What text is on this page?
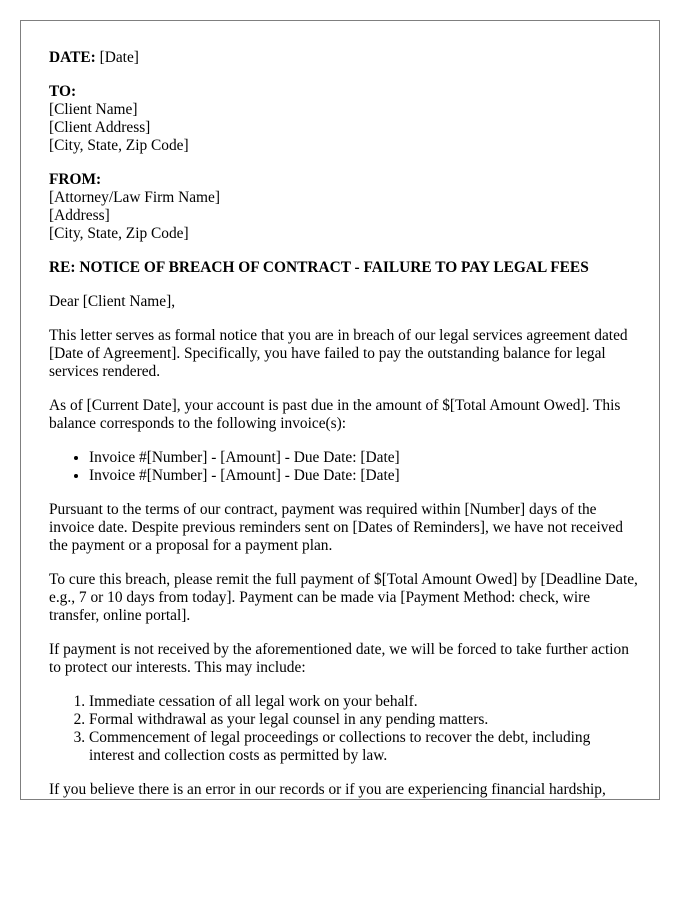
DATE: [Date]

TO:

[Client Name]

[Client Address]

[City, State, Zip Code]

FROM:

[Attorney/Law Firm Name]

[Address]

[City, State, Zip Code]

RE: NOTICE OF BREACH OF CONTRACT - FAILURE TO PAY LEGAL FEES

Dear [Client Name],

This letter serves as formal notice that you are in breach of our legal services agreement dated [Date of Agreement]. Specifically, you have failed to pay the outstanding balance for legal services rendered.

As of [Current Date], your account is past due in the amount of $[Total Amount Owed]. This balance corresponds to the following invoice(s):

• Invoice #[Number] - [Amount] - Due Date: [Date]
• Invoice #[Number] - [Amount] - Due Date: [Date]

Pursuant to the terms of our contract, payment was required within [Number] days of the invoice date. Despite previous reminders sent on [Dates of Reminders], we have not received the payment or a proposal for a payment plan.

To cure this breach, please remit the full payment of $[Total Amount Owed] by [Deadline Date, e.g., 7 or 10 days from today]. Payment can be made via [Payment Method: check, wire transfer, online portal].

If payment is not received by the aforementioned date, we will be forced to take further action to protect our interests. This may include:

1. Immediate cessation of all legal work on your behalf.
2. Formal withdrawal as your legal counsel in any pending matters.
3. Commencement of legal proceedings or collections to recover the debt, including interest and collection costs as permitted by law.

If you believe there is an error in our records or if you are experiencing financial hardship,
